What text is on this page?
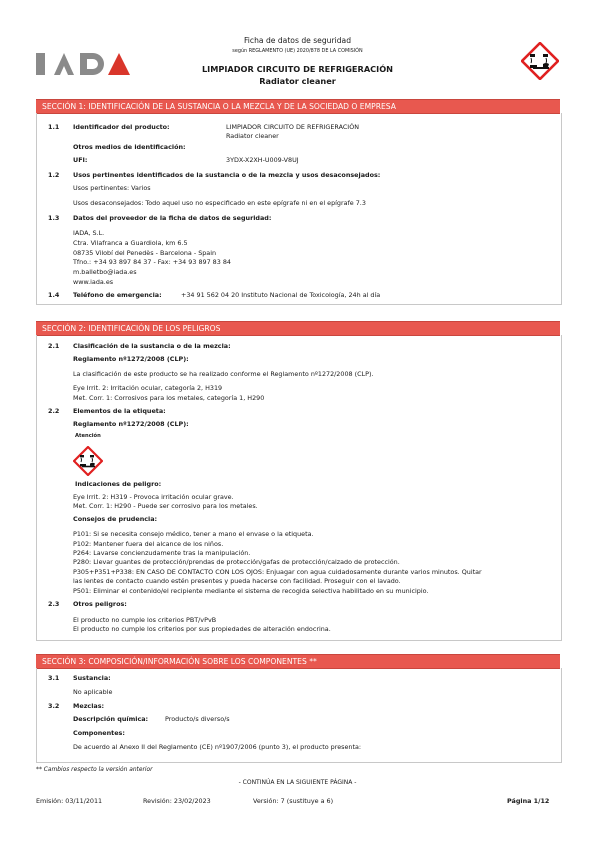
Ficha de datos de seguridad
según REGLAMENTO (UE) 2020/878 DE LA COMISIÓN
LIMPIADOR CIRCUITO DE REFRIGERACIÓN
Radiator cleaner
SECCIÓN 1: IDENTIFICACIÓN DE LA SUSTANCIA O LA MEZCLA Y DE LA SOCIEDAD O EMPRESA
1.1 Identificador del producto:	LIMPIADOR CIRCUITO DE REFRIGERACIÓN
Radiator cleaner
Otros medios de identificación:
UFI:	3YDX-X2XH-U009-V8UJ
1.2 Usos pertinentes identificados de la sustancia o de la mezcla y usos desaconsejados:
Usos pertinentes: Varios
Usos desaconsejados: Todo aquel uso no especificado en este epígrafe ni en el epígrafe 7.3
1.3 Datos del proveedor de la ficha de datos de seguridad:
IADA, S.L.
Ctra. Vilafranca a Guardiola, km 6.5
08735 Vilobí del Penedès - Barcelona - Spain
Tfno.: +34 93 897 84 37 - Fax: +34 93 897 83 84
m.balletbo@iada.es
www.iada.es
1.4 Teléfono de emergencia:	+34 91 562 04 20 Instituto Nacional de Toxicología, 24h al día
SECCIÓN 2: IDENTIFICACIÓN DE LOS PELIGROS
2.1 Clasificación de la sustancia o de la mezcla:
Reglamento nº1272/2008 (CLP):
La clasificación de este producto se ha realizado conforme el Reglamento nº1272/2008 (CLP).
Eye Irrit. 2: Irritación ocular, categoría 2, H319
Met. Corr. 1: Corrosivos para los metales, categoría 1, H290
2.2 Elementos de la etiqueta:
Reglamento nº1272/2008 (CLP):
Atención
Indicaciones de peligro:
Eye Irrit. 2: H319 - Provoca irritación ocular grave.
Met. Corr. 1: H290 - Puede ser corrosivo para los metales.
Consejos de prudencia:
P101: Si se necesita consejo médico, tener a mano el envase o la etiqueta.
P102: Mantener fuera del alcance de los niños.
P264: Lavarse concienzudamente tras la manipulación.
P280: Llevar guantes de protección/prendas de protección/gafas de protección/calzado de protección.
P305+P351+P338: EN CASO DE CONTACTO CON LOS OJOS: Enjuagar con agua cuidadosamente durante varios minutos. Quitar
las lentes de contacto cuando estén presentes y pueda hacerse con facilidad. Proseguir con el lavado.
P501: Eliminar el contenido/el recipiente mediante el sistema de recogida selectiva habilitado en su municipio.
2.3 Otros peligros:
El producto no cumple los criterios PBT/vPvB
El producto no cumple los criterios por sus propiedades de alteración endocrina.
SECCIÓN 3: COMPOSICIÓN/INFORMACIÓN SOBRE LOS COMPONENTES **
3.1 Sustancia:
No aplicable
3.2 Mezclas:
Descripción química:	Producto/s diverso/s
Componentes:
De acuerdo al Anexo II del Reglamento (CE) nº1907/2006 (punto 3), el producto presenta:
** Cambios respecto la versión anterior
- CONTINÚA EN LA SIGUIENTE PÁGINA -
Emisión: 03/11/2011	Revisión: 23/02/2023	Versión: 7 (sustituye a 6)	Página 1/12
